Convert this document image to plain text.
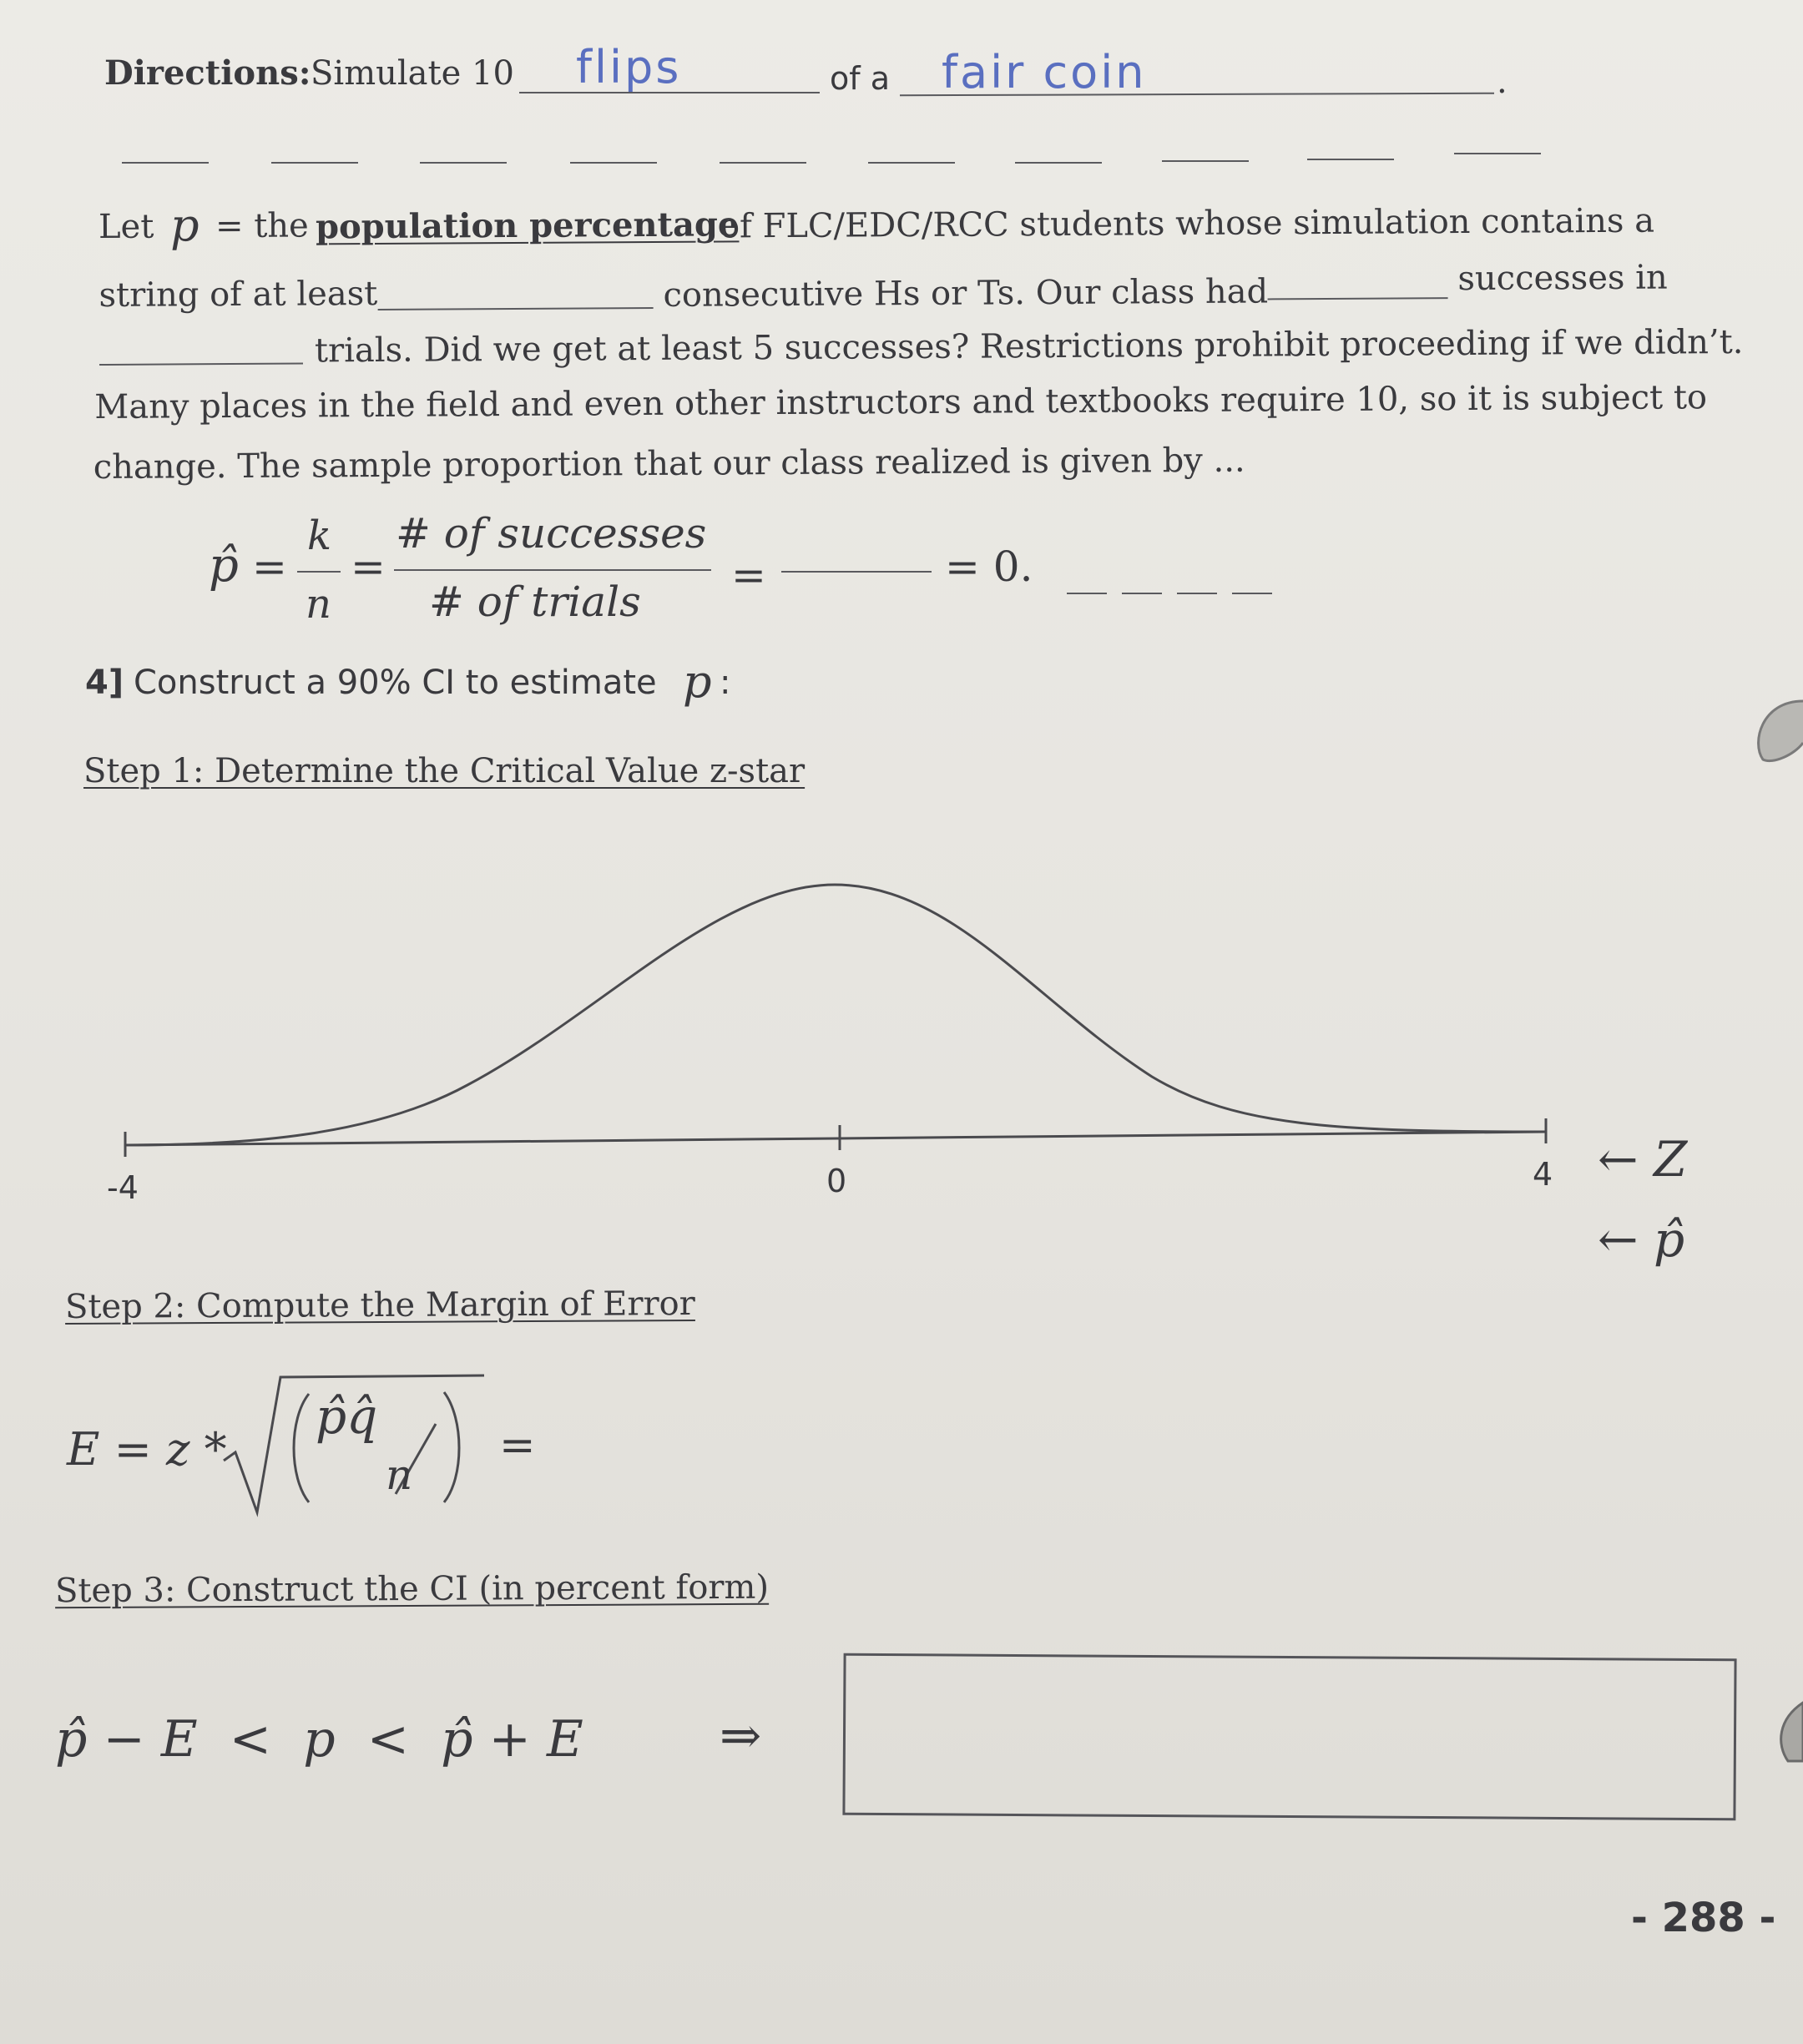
Directions: Simulate 10 flips	of a fair coin	.
Let p = the population percentage
of FLC/EDC/RCC students whose simulation contains a
string of at least	consecutive Hs or Ts. Our class had	successes in
trials. Did we get at least 5 successes? Restrictions prohibit proceeding if we didn’t.
Many places in the field and even other instructors and textbooks require 10, so it is subject to
change. The sample proportion that our class realized is given by ...
p̂ =
k
n
=
# of successes
# of trials
=	= 0.
4] Construct a 90% CI to estimate p :
Step 1: Determine the Critical Value z-star
-4	0	4 ← Z
← p̂
Step 2: Compute the Margin of Error
E = z *
p̂q̂
n
=
Step 3: Construct the CI (in percent form)
p̂ − E  <  p  <  p̂ + E	⇒
- 288 -
